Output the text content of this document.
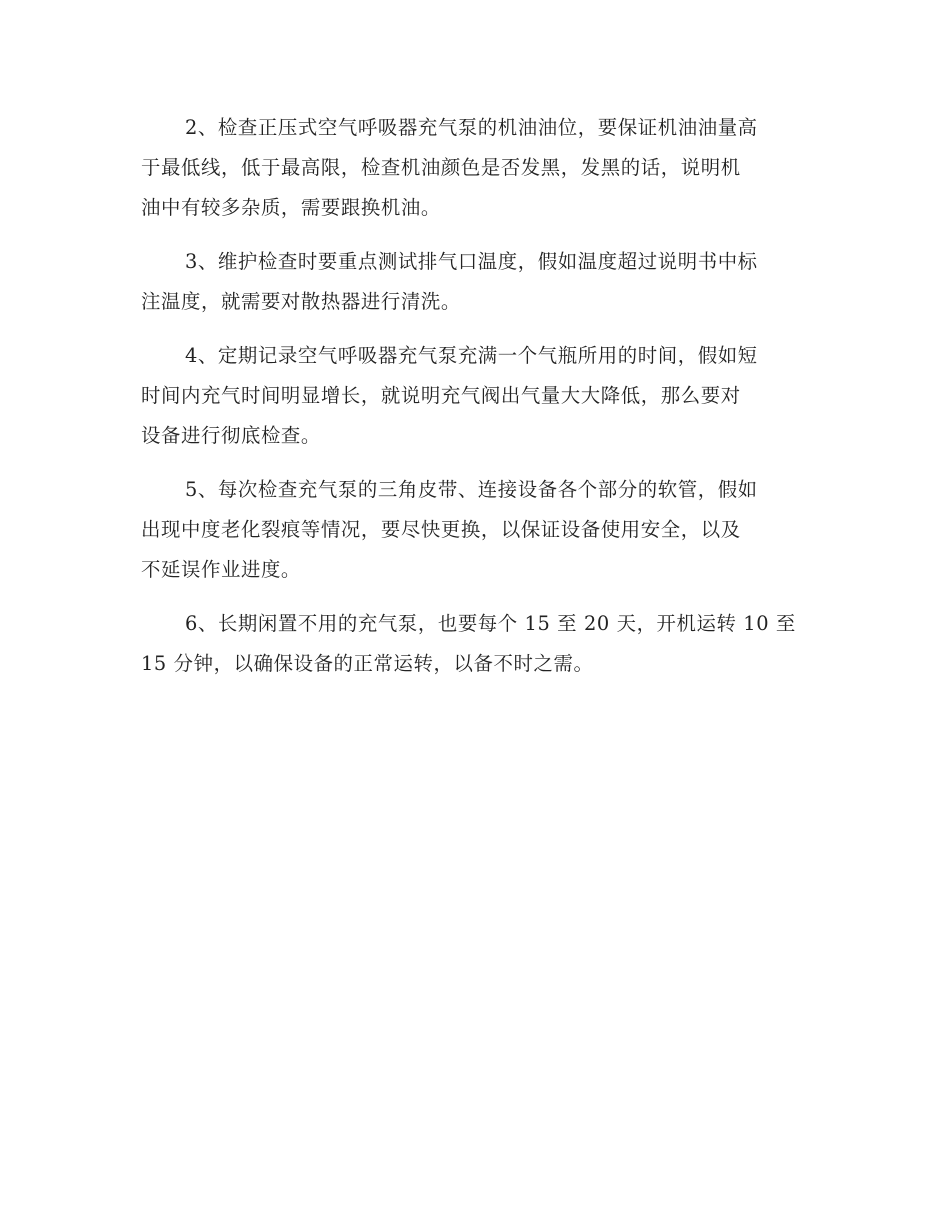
2、检查正压式空气呼吸器充气泵的机油油位，要保证机油油量高
于最低线，低于最高限，检查机油颜色是否发黑，发黑的话，说明机
油中有较多杂质，需要跟换机油。

3、维护检查时要重点测试排气口温度，假如温度超过说明书中标
注温度，就需要对散热器进行清洗。

4、定期记录空气呼吸器充气泵充满一个气瓶所用的时间，假如短
时间内充气时间明显增长，就说明充气阀出气量大大降低，那么要对
设备进行彻底检查。

5、每次检查充气泵的三角皮带、连接设备各个部分的软管，假如
出现中度老化裂痕等情况，要尽快更换，以保证设备使用安全，以及
不延误作业进度。

6、长期闲置不用的充气泵，也要每个 15 至 20 天，开机运转 10 至
15 分钟，以确保设备的正常运转，以备不时之需。
